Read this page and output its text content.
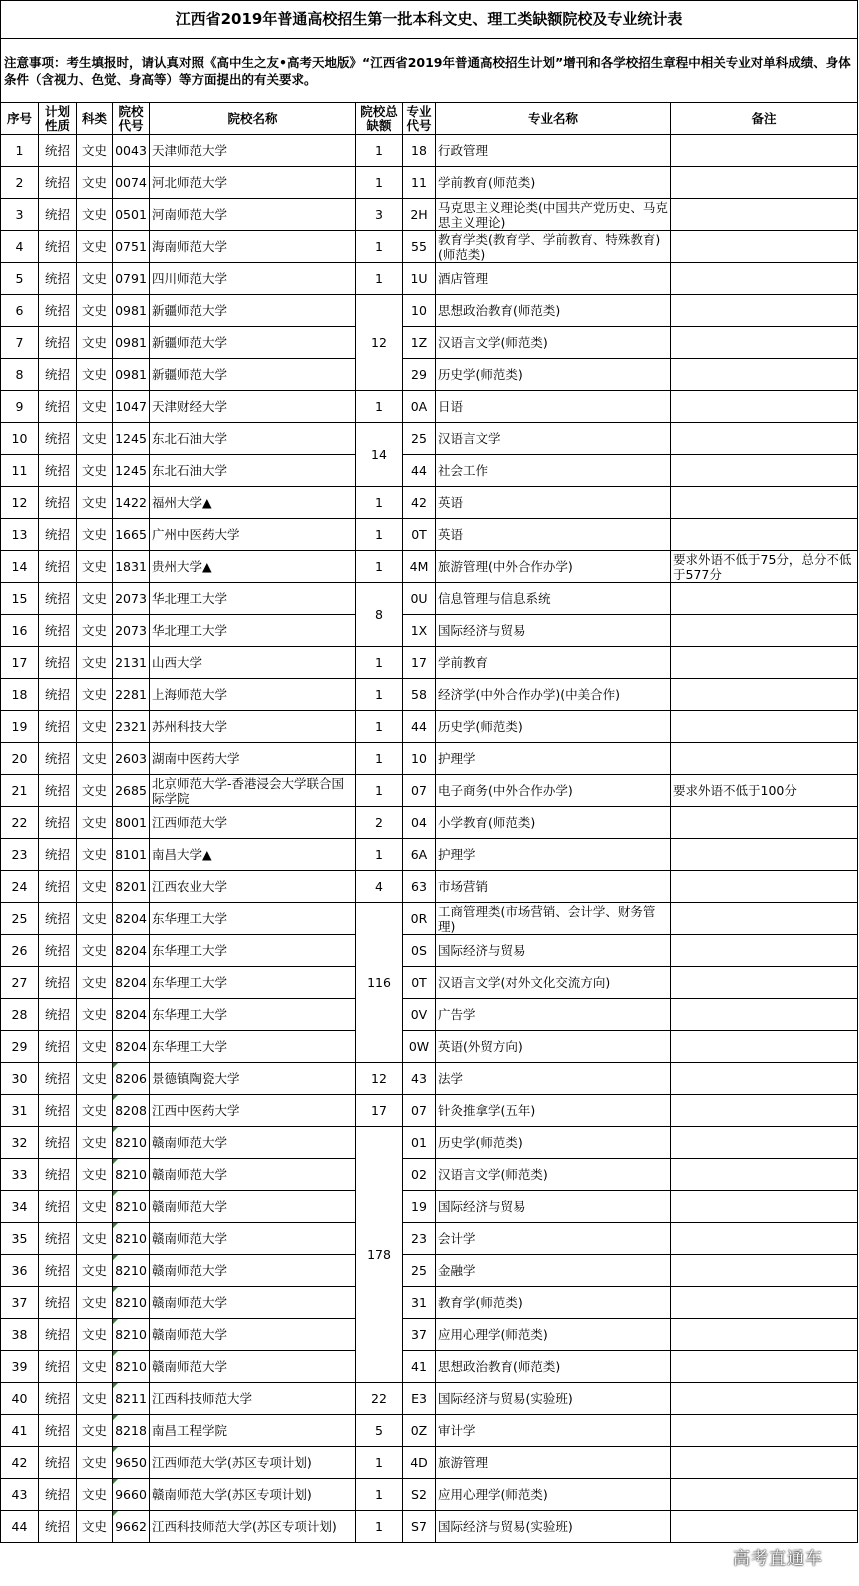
江西省2019年普通高校招生第一批本科文史、理工类缺额院校及专业统计表								
注意事项：考生填报时，请认真对照《高中生之友•高考天地版》“江西省2019年普通高校招生计划”增刊和各学校招生章程中相关专业对单科成绩、身体条件（含视力、色觉、身高等）等方面提出的有关要求。								
序号	计划性质	科类	院校代号	院校名称	院校总缺额	专业代号	专业名称	备注
1	统招	文史	0043	天津师范大学	1	18	行政管理	
2	统招	文史	0074	河北师范大学	1	11	学前教育(师范类)	
3	统招	文史	0501	河南师范大学	3	2H	马克思主义理论类(中国共产党历史、马克思主义理论)	
4	统招	文史	0751	海南师范大学	1	55	教育学类(教育学、学前教育、特殊教育)(师范类)	
5	统招	文史	0791	四川师范大学	1	1U	酒店管理	
6	统招	文史	0981	新疆师范大学	12	10	思想政治教育(师范类)	
7	统招	文史	0981	新疆师范大学		1Z	汉语言文学(师范类)	
8	统招	文史	0981	新疆师范大学		29	历史学(师范类)	
9	统招	文史	1047	天津财经大学	1	0A	日语	
10	统招	文史	1245	东北石油大学	14	25	汉语言文学	
11	统招	文史	1245	东北石油大学		44	社会工作	
12	统招	文史	1422	福州大学▲	1	42	英语	
13	统招	文史	1665	广州中医药大学	1	0T	英语	
14	统招	文史	1831	贵州大学▲	1	4M	旅游管理(中外合作办学)	要求外语不低于75分，总分不低于577分
15	统招	文史	2073	华北理工大学	8	0U	信息管理与信息系统	
16	统招	文史	2073	华北理工大学		1X	国际经济与贸易	
17	统招	文史	2131	山西大学	1	17	学前教育	
18	统招	文史	2281	上海师范大学	1	58	经济学(中外合作办学)(中美合作)	
19	统招	文史	2321	苏州科技大学	1	44	历史学(师范类)	
20	统招	文史	2603	湖南中医药大学	1	10	护理学	
21	统招	文史	2685	北京师范大学-香港浸会大学联合国际学院	1	07	电子商务(中外合作办学)	要求外语不低于100分
22	统招	文史	8001	江西师范大学	2	04	小学教育(师范类)	
23	统招	文史	8101	南昌大学▲	1	6A	护理学	
24	统招	文史	8201	江西农业大学	4	63	市场营销	
25	统招	文史	8204	东华理工大学	116	0R	工商管理类(市场营销、会计学、财务管理)	
26	统招	文史	8204	东华理工大学		0S	国际经济与贸易	
27	统招	文史	8204	东华理工大学		0T	汉语言文学(对外文化交流方向)	
28	统招	文史	8204	东华理工大学		0V	广告学	
29	统招	文史	8204	东华理工大学		0W	英语(外贸方向)	
30	统招	文史	8206	景德镇陶瓷大学	12	43	法学	
31	统招	文史	8208	江西中医药大学	17	07	针灸推拿学(五年)	
32	统招	文史	8210	赣南师范大学	178	01	历史学(师范类)	
33	统招	文史	8210	赣南师范大学		02	汉语言文学(师范类)	
34	统招	文史	8210	赣南师范大学		19	国际经济与贸易	
35	统招	文史	8210	赣南师范大学		23	会计学	
36	统招	文史	8210	赣南师范大学		25	金融学	
37	统招	文史	8210	赣南师范大学		31	教育学(师范类)	
38	统招	文史	8210	赣南师范大学		37	应用心理学(师范类)	
39	统招	文史	8210	赣南师范大学		41	思想政治教育(师范类)	
40	统招	文史	8211	江西科技师范大学	22	E3	国际经济与贸易(实验班)	
41	统招	文史	8218	南昌工程学院	5	0Z	审计学	
42	统招	文史	9650	江西师范大学(苏区专项计划)	1	4D	旅游管理	
43	统招	文史	9660	赣南师范大学(苏区专项计划)	1	S2	应用心理学(师范类)	
44	统招	文史	9662	江西科技师范大学(苏区专项计划)	1	S7	国际经济与贸易(实验班)	
高考直通车
